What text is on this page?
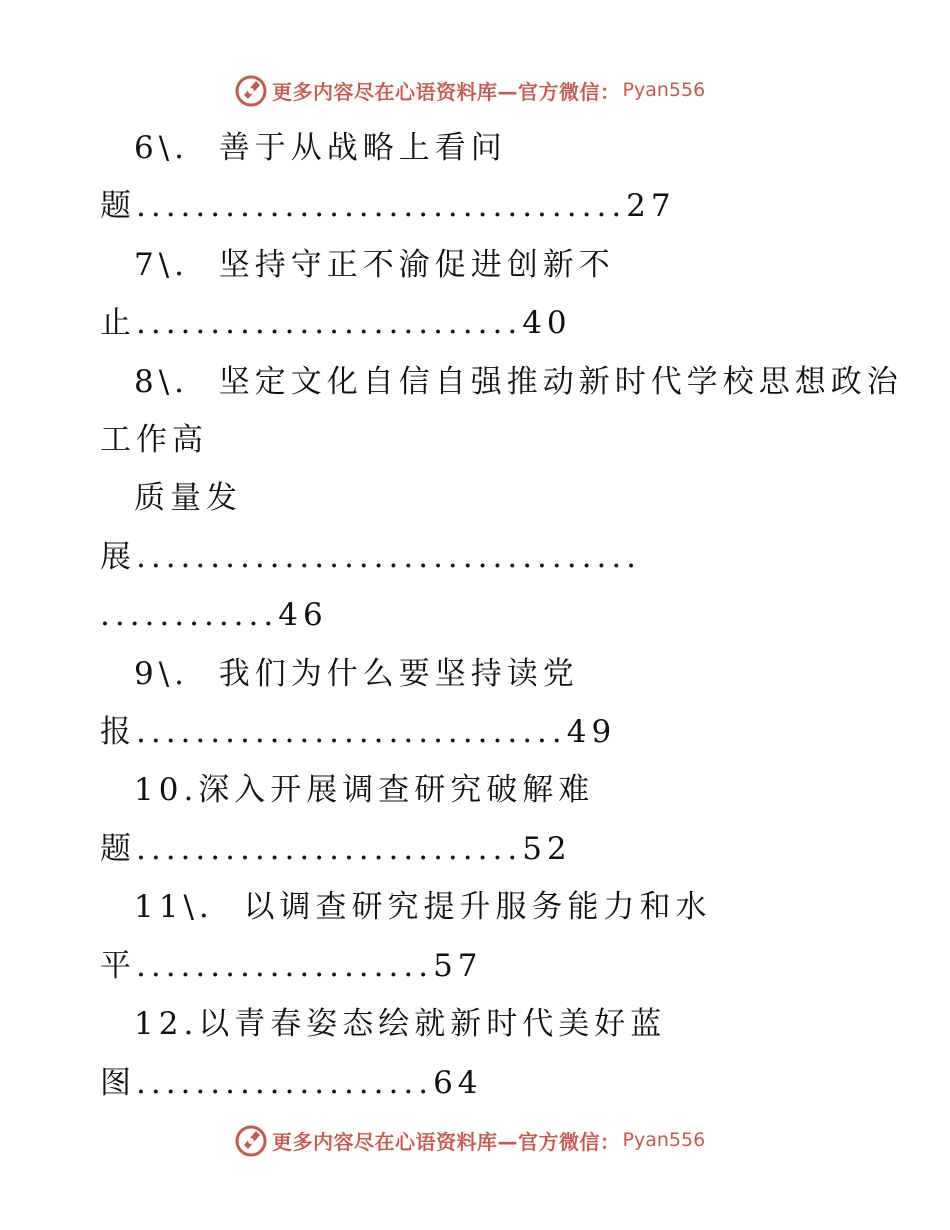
更多内容尽在心语资料库—官方微信： Pyan556
6\.  善于从战略上看问
题.................................27
7\.  坚持守正不渝促进创新不
止..........................40
8\.  坚定文化自信自强推动新时代学校思想政治
工作高
质量发
展..................................
............46
9\.  我们为什么要坚持读党
报.............................49
10.深入开展调查研究破解难
题..........................52
11\.  以调查研究提升服务能力和水
平....................57
12.以青春姿态绘就新时代美好蓝
图....................64
更多内容尽在心语资料库—官方微信： Pyan556
